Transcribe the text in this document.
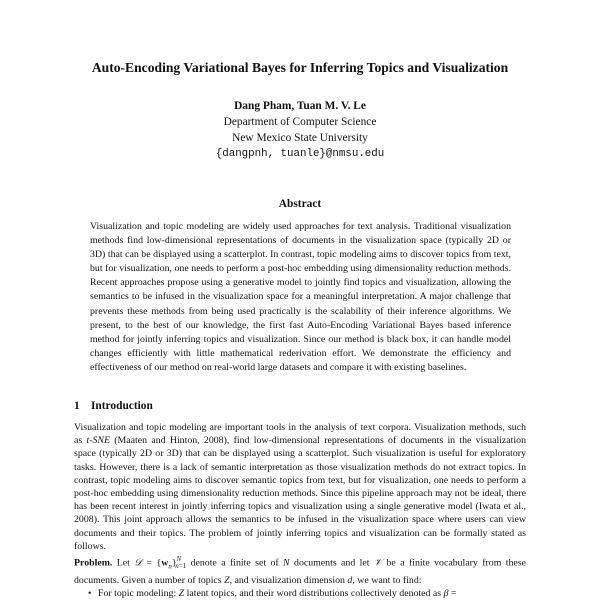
Auto-Encoding Variational Bayes for Inferring Topics and Visualization
Dang Pham, Tuan M. V. Le
Department of Computer Science
New Mexico State University
{dangpnh, tuanle}@nmsu.edu
Abstract

Visualization and topic modeling are widely used approaches for text analysis. Traditional visualization methods find low-dimensional representations of documents in the visualization space (typically 2D or 3D) that can be displayed using a scatterplot. In contrast, topic modeling aims to discover topics from text, but for visualization, one needs to perform a post-hoc embedding using dimensionality reduction methods. Recent approaches propose using a generative model to jointly find topics and visualization, allowing the semantics to be infused in the visualization space for a meaningful interpretation. A major challenge that prevents these methods from being used practically is the scalability of their inference algorithms. We present, to the best of our knowledge, the first fast Auto-Encoding Variational Bayes based inference method for jointly inferring topics and visualization. Since our method is black box, it can handle model changes efficiently with little mathematical rederivation effort. We demonstrate the efficiency and effectiveness of our method on real-world large datasets and compare it with existing baselines.

1 Introduction

Visualization and topic modeling are important tools in the analysis of text corpora. Visualization methods, such as t-SNE (Maaten and Hinton, 2008), find low-dimensional representations of documents in the visualization space (typically 2D or 3D) that can be displayed using a scatterplot. Such visualization is useful for exploratory tasks. However, there is a lack of semantic interpretation as those visualization methods do not extract topics. In contrast, topic modeling aims to discover semantic topics from text, but for visualization, one needs to perform a post-hoc embedding using dimensionality reduction methods. Since this pipeline approach may not be ideal, there has been recent interest in jointly inferring topics and visualization using a single generative model (Iwata et al., 2008). This joint approach allows the semantics to be infused in the visualization space where users can view documents and their topics. The problem of jointly inferring topics and visualization can be formally stated as follows.

Problem. Let 𝒟 = $\{w_n\}^N_{n=1}$ denote a finite set of N documents and let 𝒱 be a finite vocabulary from these documents. Given a number of topics Z, and visualization dimension d, we want to find:

• For topic modeling: Z latent topics, and their word distributions collectively denoted as β =
